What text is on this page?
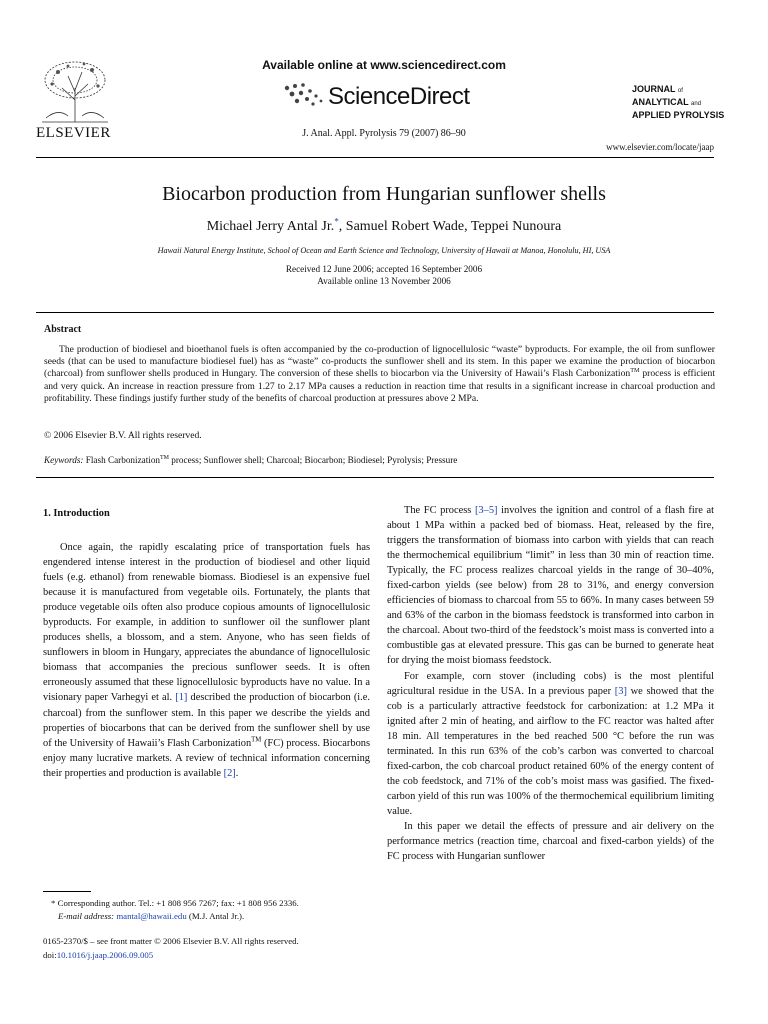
ELSEVIER
Available online at www.sciencedirect.com
ScienceDirect
J. Anal. Appl. Pyrolysis 79 (2007) 86–90
JOURNAL of
ANALYTICAL and
APPLIED PYROLYSIS
www.elsevier.com/locate/jaap
Biocarbon production from Hungarian sunflower shells
Michael Jerry Antal Jr.*, Samuel Robert Wade, Teppei Nunoura
Hawaii Natural Energy Institute, School of Ocean and Earth Science and Technology, University of Hawaii at Manoa, Honolulu, HI, USA
Received 12 June 2006; accepted 16 September 2006
Available online 13 November 2006
Abstract

The production of biodiesel and bioethanol fuels is often accompanied by the co-production of lignocellulosic “waste” byproducts. For example, the oil from sunflower seeds (that can be used to manufacture biodiesel fuel) has as “waste” co-products the sunflower shell and its stem. In this paper we examine the production of biocarbon (charcoal) from sunflower shells produced in Hungary. The conversion of these shells to biocarbon via the University of Hawaii’s Flash Carbonization™ process is efficient and very quick. An increase in reaction pressure from 1.27 to 2.17 MPa causes a reduction in reaction time that results in a significant increase in charcoal production and profitability. These findings justify further study of the benefits of charcoal production at pressures above 2 MPa.

© 2006 Elsevier B.V. All rights reserved.
Keywords: Flash Carbonization™ process; Sunflower shell; Charcoal; Biocarbon; Biodiesel; Pyrolysis; Pressure
1. Introduction

Once again, the rapidly escalating price of transportation fuels has engendered intense interest in the production of biodiesel and other liquid fuels (e.g. ethanol) from renewable biomass. Biodiesel is an expensive fuel because it is manufactured from vegetable oils. Fortunately, the plants that produce vegetable oils often also produce copious amounts of lignocellulosic byproducts. For example, in addition to sunflower oil the sunflower plant produces shells, a blossom, and a stem. Anyone, who has seen fields of sunflowers in bloom in Hungary, appreciates the abundance of lignocellulosic biomass that accompanies the precious sunflower seeds. It is often erroneously assumed that these lignocellulosic byproducts have no value. In a visionary paper Varhegyi et al. [1] described the production of biocarbon (i.e. charcoal) from the sunflower stem. In this paper we describe the yields and properties of biocarbons that can be derived from the sunflower shell by use of the University of Hawaii’s Flash Carbonization™ (FC) process. Biocarbons enjoy many lucrative markets. A review of technical information concerning their properties and production is available [2].

* Corresponding author. Tel.: +1 808 956 7267; fax: +1 808 956 2336.
E-mail address: mantal@hawaii.edu (M.J. Antal Jr.).
0165-2370/$ – see front matter © 2006 Elsevier B.V. All rights reserved.
doi:10.1016/j.jaap.2006.09.005

The FC process [3–5] involves the ignition and control of a flash fire at about 1 MPa within a packed bed of biomass. Heat, released by the fire, triggers the transformation of biomass into carbon with yields that can reach the thermochemical equilibrium “limit” in less than 30 min of reaction time. Typically, the FC process realizes charcoal yields in the range of 30–40%, fixed-carbon yields (see below) from 28 to 31%, and energy conversion efficiencies of biomass to charcoal from 55 to 66%. In many cases between 59 and 63% of the carbon in the biomass feedstock is transformed into carbon in the charcoal. About two-third of the feedstock’s moist mass is converted into a combustible gas at elevated pressure. This gas can be burned to generate heat for drying the moist biomass feedstock.

For example, corn stover (including cobs) is the most plentiful agricultural residue in the USA. In a previous paper [3] we showed that the cob is a particularly attractive feedstock for carbonization: at 1.2 MPa it ignited after 2 min of heating, and airflow to the FC reactor was halted after 18 min. All temperatures in the bed reached 500 °C before the run was terminated. In this run 63% of the cob’s carbon was converted to charcoal fixed-carbon, the cob charcoal product retained 60% of the energy content of the cob feedstock, and 71% of the cob’s moist mass was gasified. The fixed-carbon yield of this run was 100% of the thermochemical equilibrium limiting value.

In this paper we detail the effects of pressure and air delivery on the performance metrics (reaction time, charcoal and fixed-carbon yields) of the FC process with Hungarian sunflower
